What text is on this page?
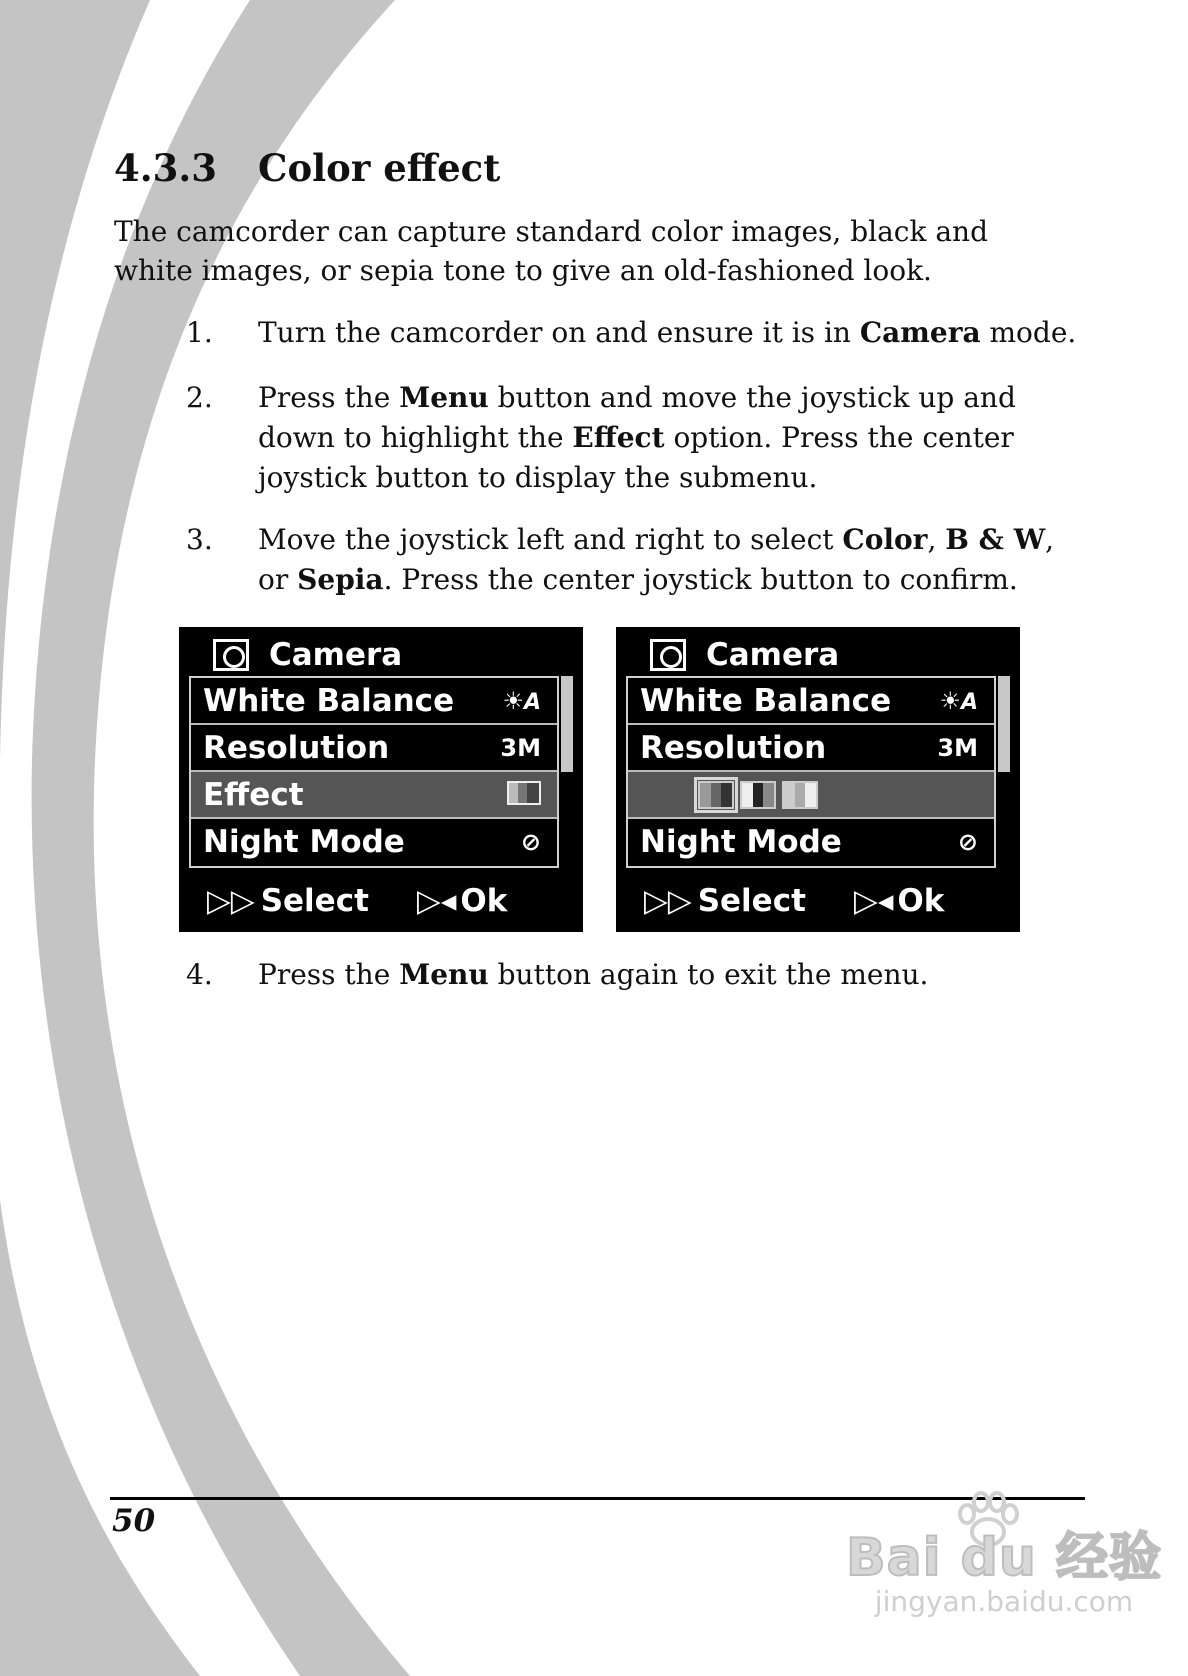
4.3.3 Color effect

The camcorder can capture standard color images, black and white images, or sepia tone to give an old-fashioned look.

1. Turn the camcorder on and ensure it is in Camera mode.
2. Press the Menu button and move the joystick up and down to highlight the Effect option. Press the center joystick button to display the submenu.
3. Move the joystick left and right to select Color, B & W, or Sepia. Press the center joystick button to confirm.
Camera
White Balance ☀A
Resolution	3M
Effect
Night Mode	⊘
▷▷ Select ▷◂ Ok
Camera
White Balance ☀A
Resolution	3M
Night Mode	⊘
▷▷ Select ▷◂ Ok
4. Press the Menu button again to exit the menu.
50
Bai du 经验
jingyan.baidu.com
